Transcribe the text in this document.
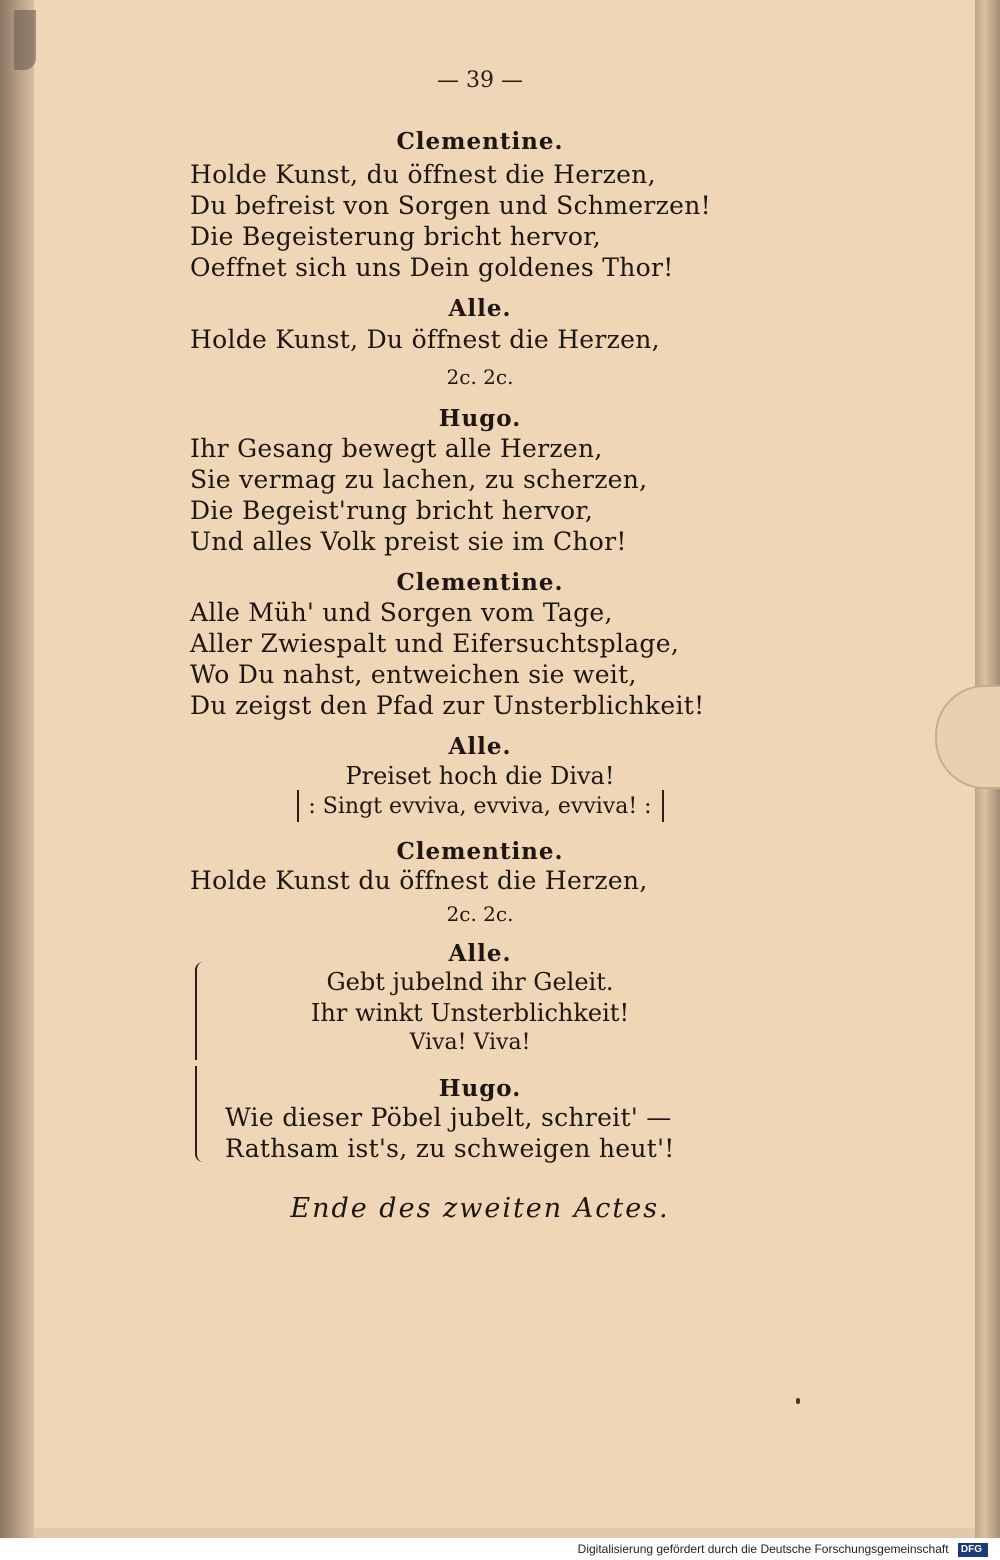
— 39 —
Clementine.
Holde Kunst, du öffnest die Herzen,
Du befreist von Sorgen und Schmerzen!
Die Begeisterung bricht hervor,
Oeffnet sich uns Dein goldenes Thor!
Alle.
Holde Kunst, Du öffnest die Herzen,
2c. 2c.
Hugo.
Ihr Gesang bewegt alle Herzen,
Sie vermag zu lachen, zu scherzen,
Die Begeist'rung bricht hervor,
Und alles Volk preist sie im Chor!
Clementine.
Alle Müh' und Sorgen vom Tage,
Aller Zwiespalt und Eifersuchtsplage,
Wo Du nahst, entweichen sie weit,
Du zeigst den Pfad zur Unsterblichkeit!
Alle.
Preiset hoch die Diva!
: Singt evviva, evviva, evviva! :
Clementine.
Holde Kunst du öffnest die Herzen,
2c. 2c.
Alle.
Gebt jubelnd ihr Geleit.
Ihr winkt Unsterblichkeit!
Viva! Viva!
Hugo.
Wie dieser Pöbel jubelt, schreit' —
Rathsam ist's, zu schweigen heut'!
Ende des zweiten Actes.
Digitalisierung gefördert durch die Deutsche Forschungsgemeinschaft DFG
